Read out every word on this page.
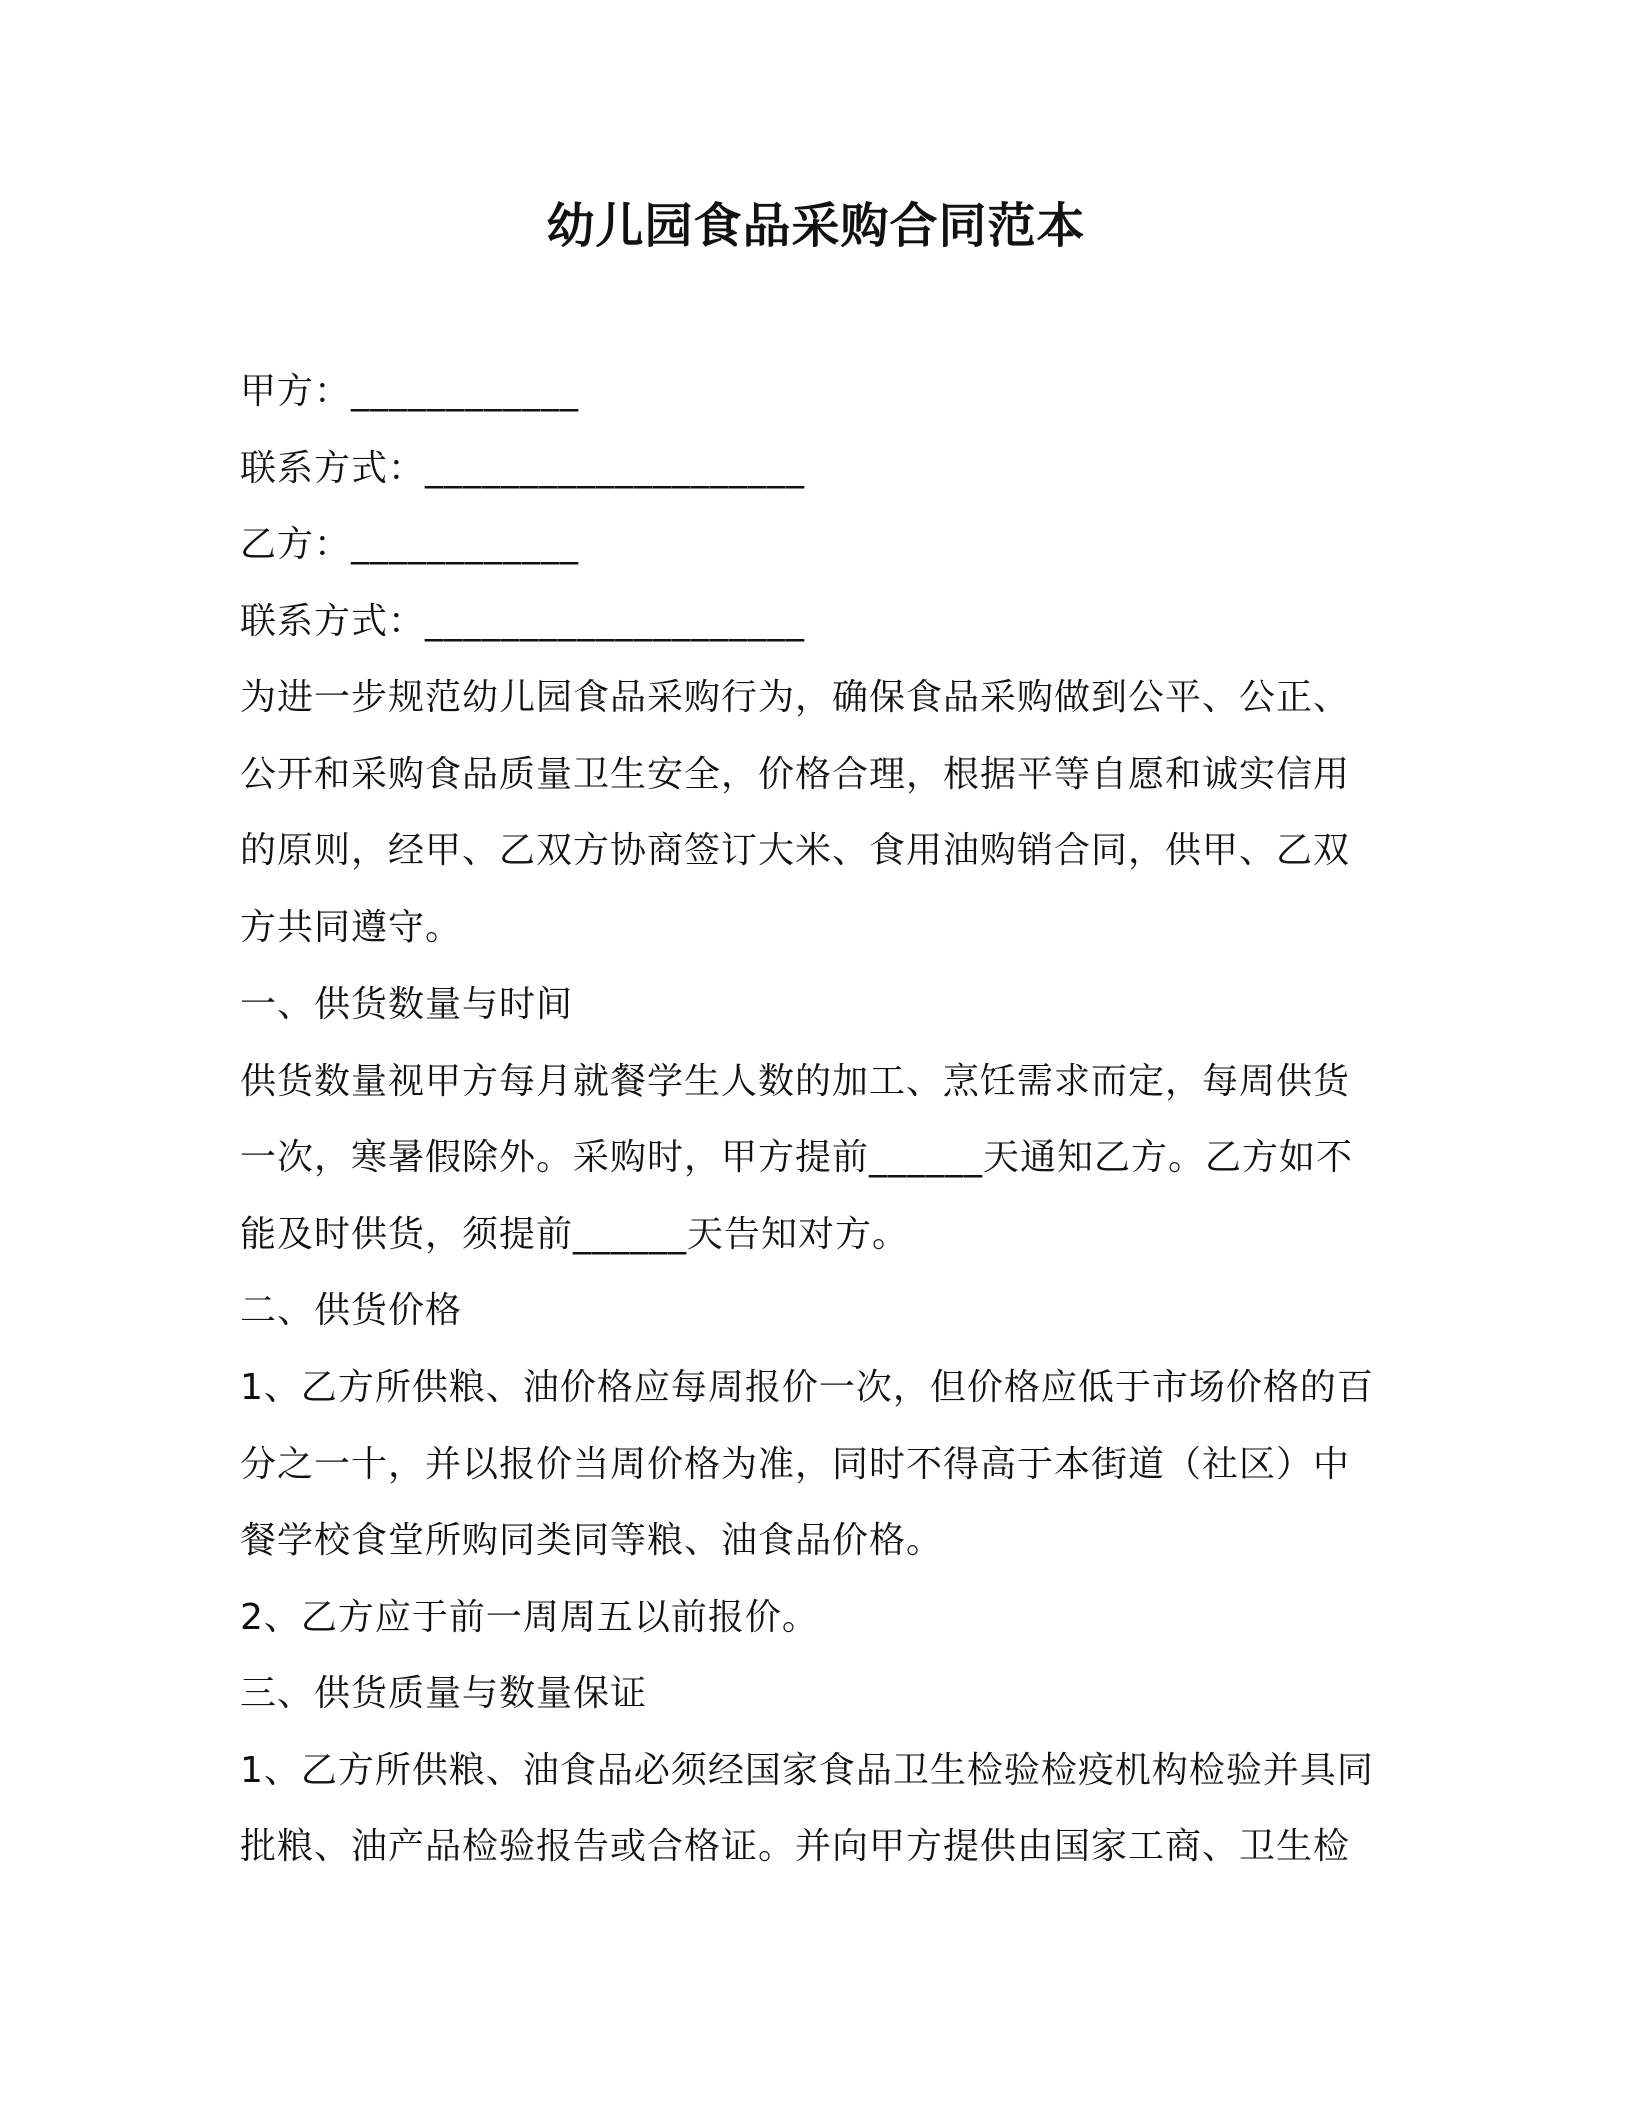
幼儿园食品采购合同范本
甲方：____________
联系方式：____________________
乙方：____________
联系方式：____________________
为进一步规范幼儿园食品采购行为，确保食品采购做到公平、公正、
公开和采购食品质量卫生安全，价格合理，根据平等自愿和诚实信用
的原则，经甲、乙双方协商签订大米、食用油购销合同，供甲、乙双
方共同遵守。
一、供货数量与时间
供货数量视甲方每月就餐学生人数的加工、烹饪需求而定，每周供货
一次，寒暑假除外。采购时，甲方提前______天通知乙方。乙方如不
能及时供货，须提前______天告知对方。
二、供货价格
1、乙方所供粮、油价格应每周报价一次，但价格应低于市场价格的百
分之一十，并以报价当周价格为准，同时不得高于本街道（社区）中
餐学校食堂所购同类同等粮、油食品价格。
2、乙方应于前一周周五以前报价。
三、供货质量与数量保证
1、乙方所供粮、油食品必须经国家食品卫生检验检疫机构检验并具同
批粮、油产品检验报告或合格证。并向甲方提供由国家工商、卫生检
